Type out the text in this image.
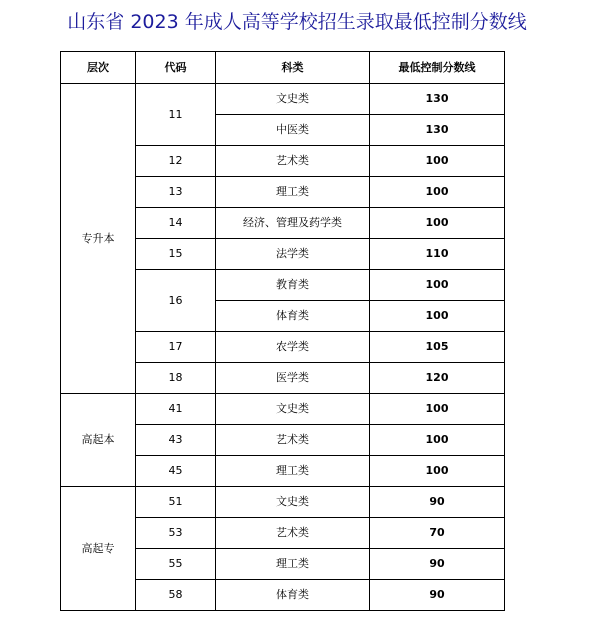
山东省 2023 年成人高等学校招生录取最低控制分数线
层次	代码	科类	最低控制分数线
专升本	11	文史类	130
		中医类	130
	12	艺术类	100
	13	理工类	100
	14	经济、管理及药学类	100
	15	法学类	110
	16	教育类	100
		体育类	100
	17	农学类	105
	18	医学类	120
高起本	41	文史类	100
	43	艺术类	100
	45	理工类	100
高起专	51	文史类	90
	53	艺术类	70
	55	理工类	90
	58	体育类	90
